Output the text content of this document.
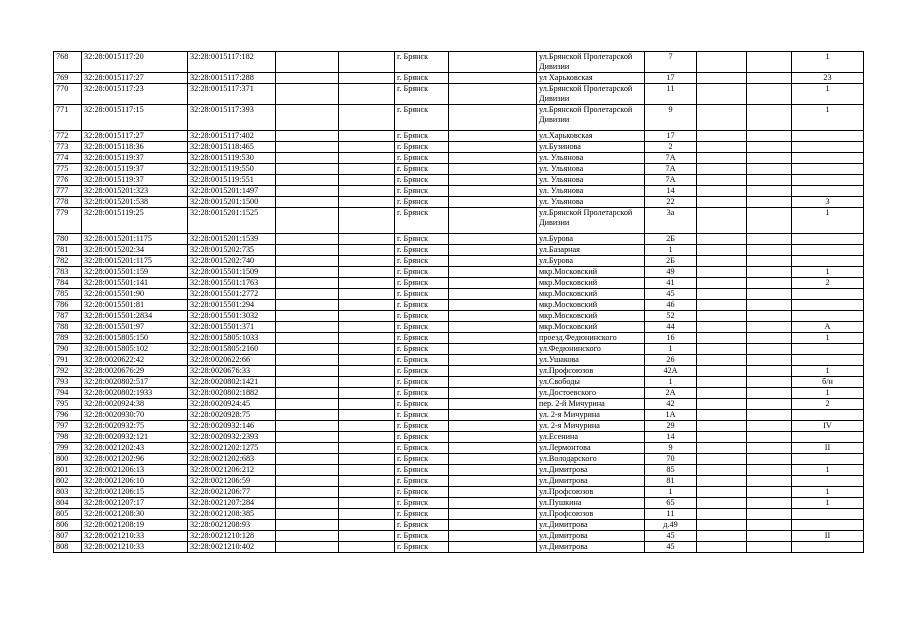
768	32:28:0015117:20	32:28:0015117:182			г. Брянск		ул.Брянской Пролетарской Дивизии	7			1
769	32:28:0015117:27	32:28:0015117:288			г. Брянск		ул Харьковская	17			23
770	32:28:0015117:23	32:28:0015117:371			г. Брянск		ул.Брянской Пролетарской Дивизии	11			1
771	32:28:0015117:15	32:28:0015117:393			г. Брянск		ул.Брянской Пролетарской Дивизии	9			1
772	32:28:0015117:27	32:28:0015117:402			г. Брянск		ул.Харьковская	17			
773	32:28:0015118:36	32:28:0015118:465			г. Брянск		ул.Бузинова	2			
774	32:28:0015119:37	32:28:0015119:530			г. Брянск		ул. Ульянова	7А			
775	32:28:0015119:37	32:28:0015119:550			г. Брянск		ул. Ульянова	7А			
776	32:28:0015119:37	32:28:0015119:551			г. Брянск		ул. Ульянова	7А			
777	32:28:0015201:323	32:28:0015201:1497			г. Брянск		ул. Ульянова	14			
778	32:28:0015201:538	32:28:0015201:1500			г. Брянск		ул. Ульянова	22			3
779	32:28:0015119:25	32:28:0015201:1525			г. Брянск		ул.Брянской Пролетарской Дивизии	3а			1
780	32:28:0015201:1175	32:28:0015201:1539			г. Брянск		ул.Бурова	2Б			
781	32:28:0015202:34	32:28:0015202:735			г. Брянск		ул.Базарная	1			
782	32:28:0015201:1175	32:28:0015202:740			г. Брянск		ул.Бурова	2Б			
783	32:28:0015501:159	32:28:0015501:1509			г. Брянск		мкр.Московский	49			1
784	32:28:0015501:141	32:28:0015501:1763			г. Брянск		мкр.Московский	41			2
785	32:28:0015501:90	32:28:0015501:2772			г. Брянск		мкр.Московский	45			
786	32:28:0015501:81	32:28:0015501:294			г. Брянск		мкр.Московский	46			
787	32:28:0015501:2834	32:28:0015501:3032			г. Брянск		мкр.Московский	52			
788	32:28:0015501:97	32:28:0015501:371			г. Брянск		мкр.Московский	44			А
789	32:28:0015805:150	32:28:0015805:1033			г. Брянск		проезд.Федюнинского	16			1
790	32:28:0015805:102	32:28:0015805:2160			г. Брянск		ул.Федюнинского	1			
791	32:28:0020622:42	32:28:0020622:66			г. Брянск		ул.Ушакова	26			
792	32:28:0020676:29	32:28:0020676:33			г. Брянск		ул.Профсоюзов	42А			1
793	32:28:0020802:517	32:28:0020802:1421			г. Брянск		ул.Свободы	1			б/н
794	32:28:0020802:1933	32:28:0020802:1882			г. Брянск		ул.Достоевского	2А			1
795	32:28:0020924:38	32:28:0020924:45			г. Брянск		пер. 2-й Мичурина	42			2
796	32:28:0020930:70	32:28:0020928:75			г. Брянск		ул. 2-я Мичурина	1А			
797	32:28:0020932:75	32:28:0020932:146			г. Брянск		ул. 2-я Мичурина	29			IV
798	32:28:0020932:121	32:28:0020932:2393			г. Брянск		ул.Есенина	14			
799	32:28:0021202:43	32:28:0021202:1275			г. Брянск		ул.Лермонтова	9			II
800	32:28:0021202:96	32:28:0021202:683			г. Брянск		ул.Володарского	70			
801	32:28:0021206:13	32:28:0021206:212			г. Брянск		ул.Димитрова	85			1
802	32:28:0021206:10	32:28:0021206:59			г. Брянск		ул.Димитрова	81			
803	32:28:0021206:15	32:28:0021206:77			г. Брянск		ул.Профсоюзов	1			1
804	32:28:0021207:17	32:28:0021207:284			г. Брянск		ул.Пушкина	65			1
805	32:28:0021208:30	32:28:0021208:385			г. Брянск		ул.Профсоюзов	11			
806	32:28:0021208:19	32:28:0021208:93			г. Брянск		ул.Димитрова	д.49			
807	32:28:0021210:33	32:28:0021210:128			г. Брянск		ул.Димитрова	45			II
808	32:28:0021210:33	32:28:0021210:402			г. Брянск		ул.Димитрова	45			
